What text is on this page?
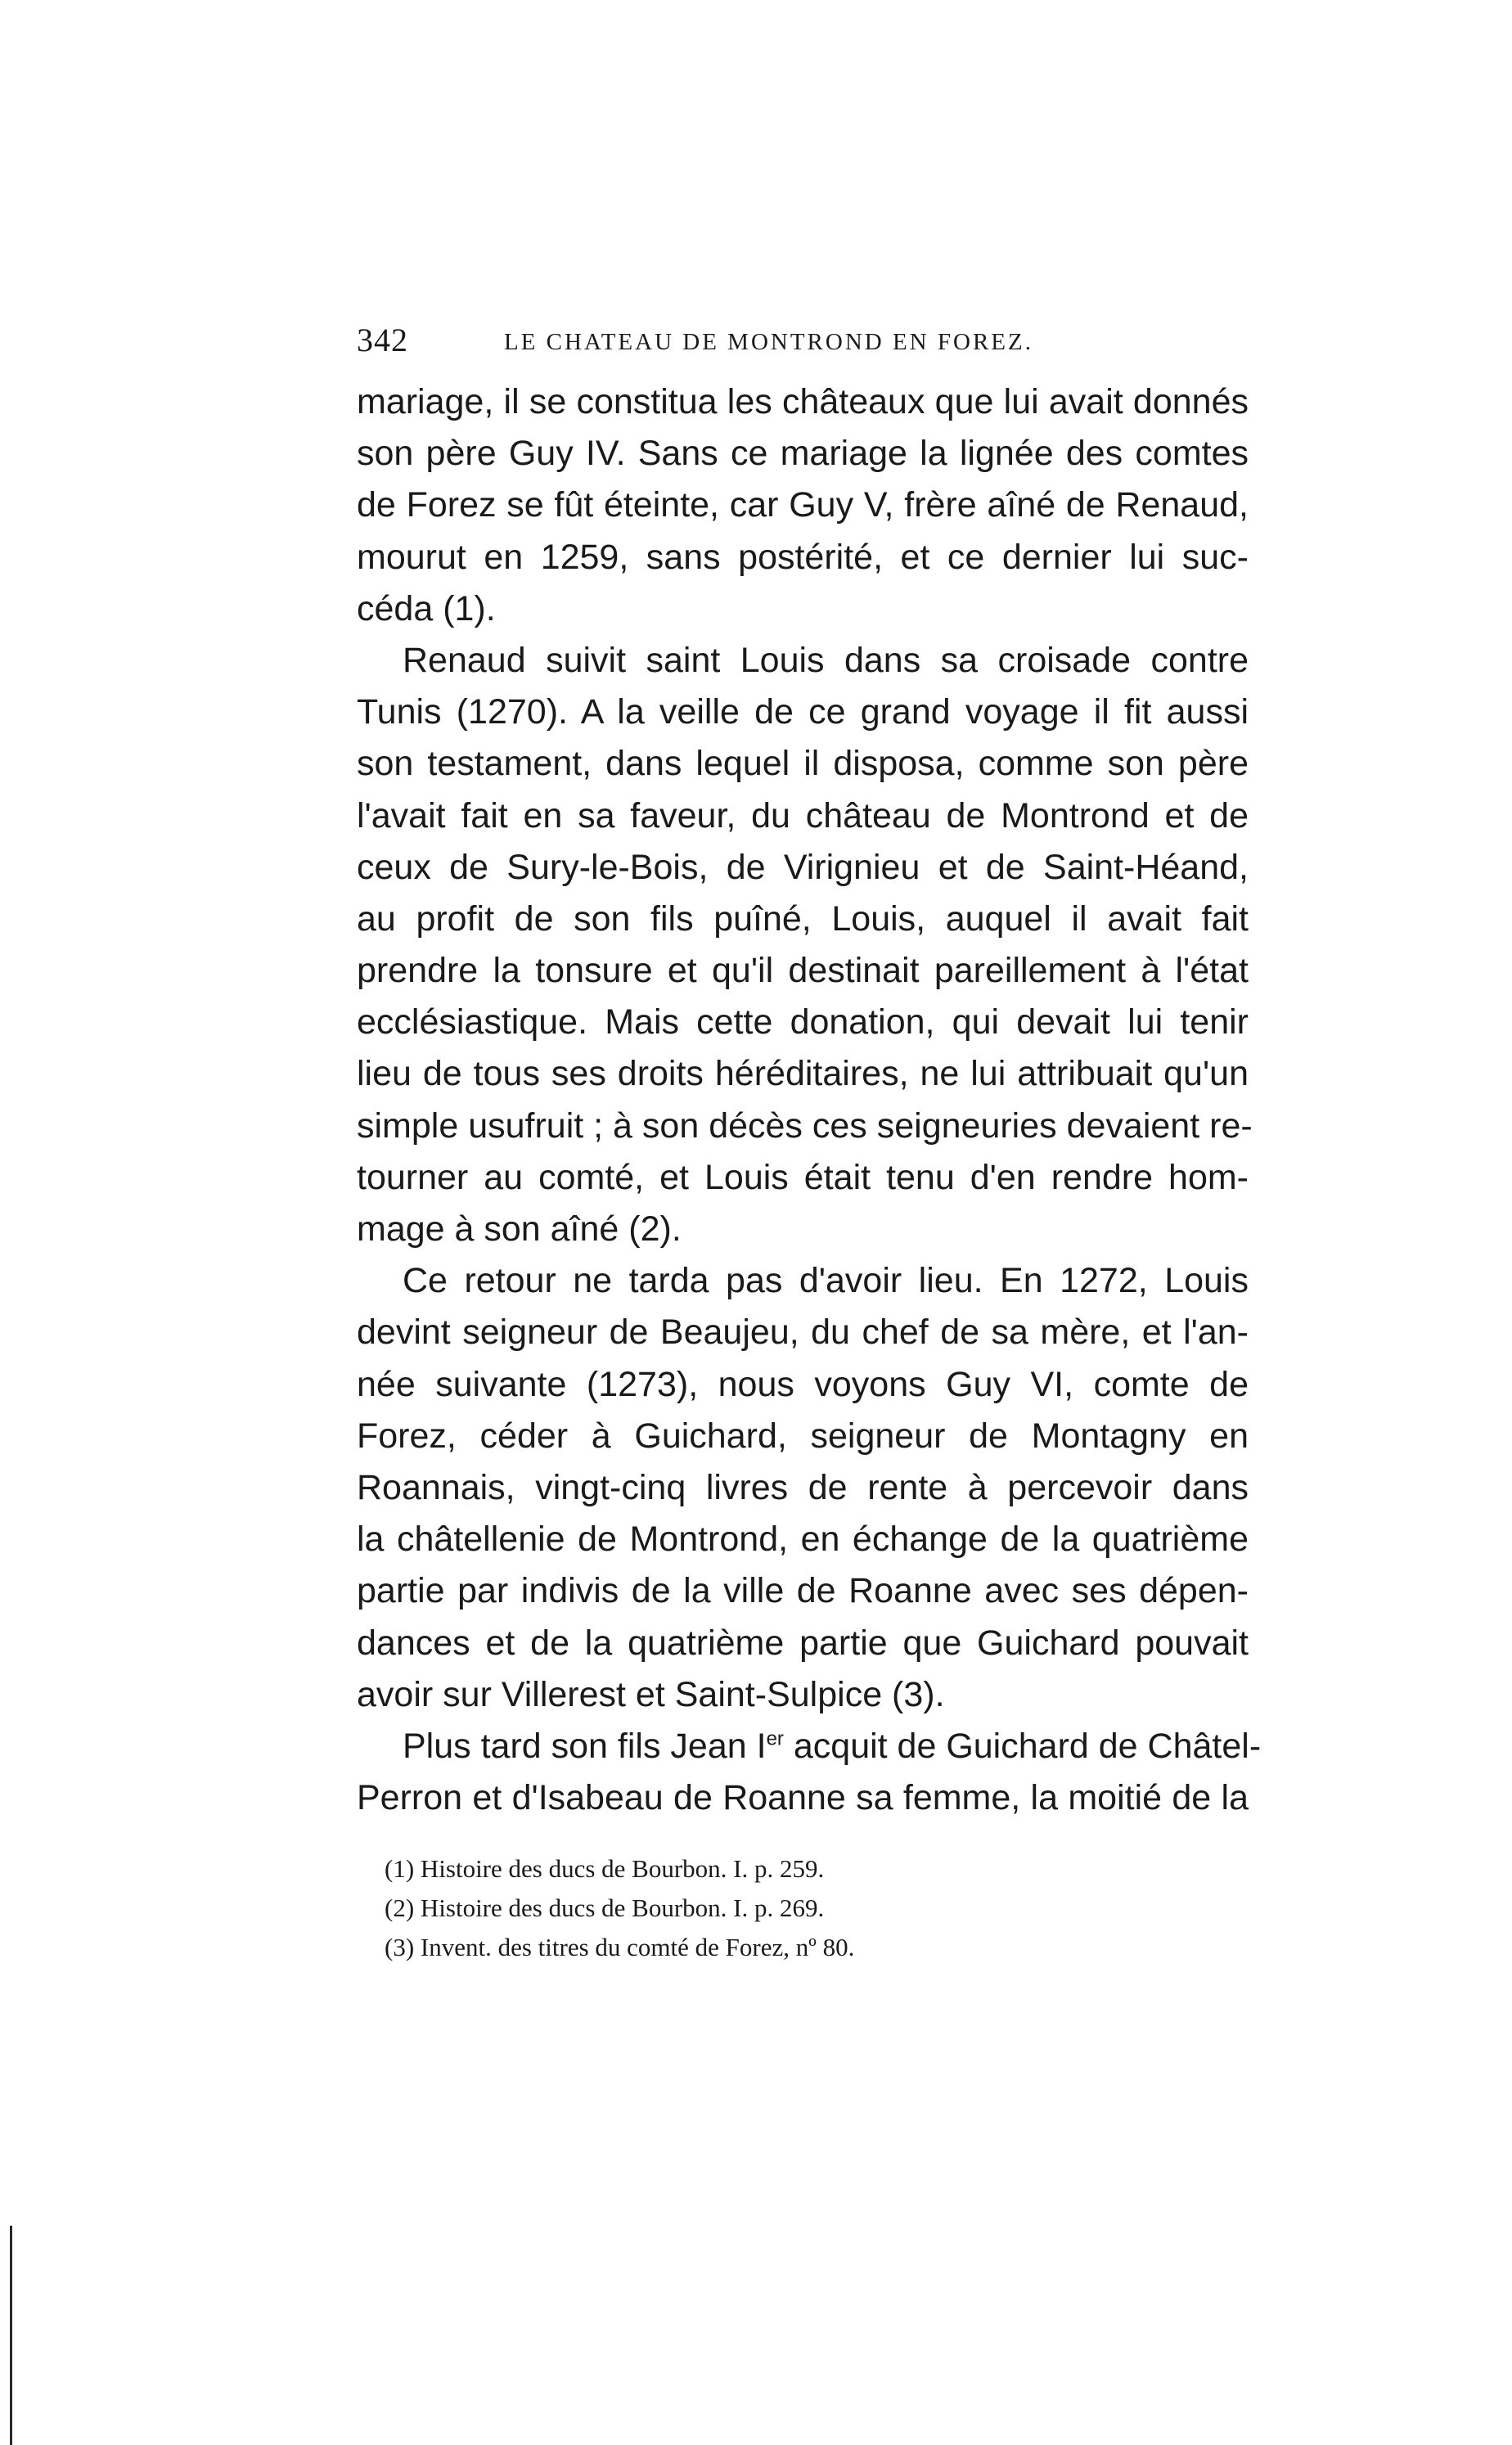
342	LE CHATEAU DE MONTROND EN FOREZ.
mariage, il se constitua les châteaux que lui avait donnés
son père Guy IV. Sans ce mariage la lignée des comtes
de Forez se fût éteinte, car Guy V, frère aîné de Renaud,
mourut en 1259, sans postérité, et ce dernier lui suc-
céda (1).
Renaud suivit saint Louis dans sa croisade contre
Tunis (1270). A la veille de ce grand voyage il fit aussi
son testament, dans lequel il disposa, comme son père
l'avait fait en sa faveur, du château de Montrond et de
ceux de Sury-le-Bois, de Virignieu et de Saint-Héand,
au profit de son fils puîné, Louis, auquel il avait fait
prendre la tonsure et qu'il destinait pareillement à l'état
ecclésiastique. Mais cette donation, qui devait lui tenir
lieu de tous ses droits héréditaires, ne lui attribuait qu'un
simple usufruit ; à son décès ces seigneuries devaient re-
tourner au comté, et Louis était tenu d'en rendre hom-
mage à son aîné (2).
Ce retour ne tarda pas d'avoir lieu. En 1272, Louis
devint seigneur de Beaujeu, du chef de sa mère, et l'an-
née suivante (1273), nous voyons Guy VI, comte de
Forez, céder à Guichard, seigneur de Montagny en
Roannais, vingt-cinq livres de rente à percevoir dans
la châtellenie de Montrond, en échange de la quatrième
partie par indivis de la ville de Roanne avec ses dépen-
dances et de la quatrième partie que Guichard pouvait
avoir sur Villerest et Saint-Sulpice (3).
Plus tard son fils Jean Ier acquit de Guichard de Châtel-
Perron et d'Isabeau de Roanne sa femme, la moitié de la
(1) Histoire des ducs de Bourbon. I. p. 259.
(2) Histoire des ducs de Bourbon. I. p. 269.
(3) Invent. des titres du comté de Forez, nº 80.
